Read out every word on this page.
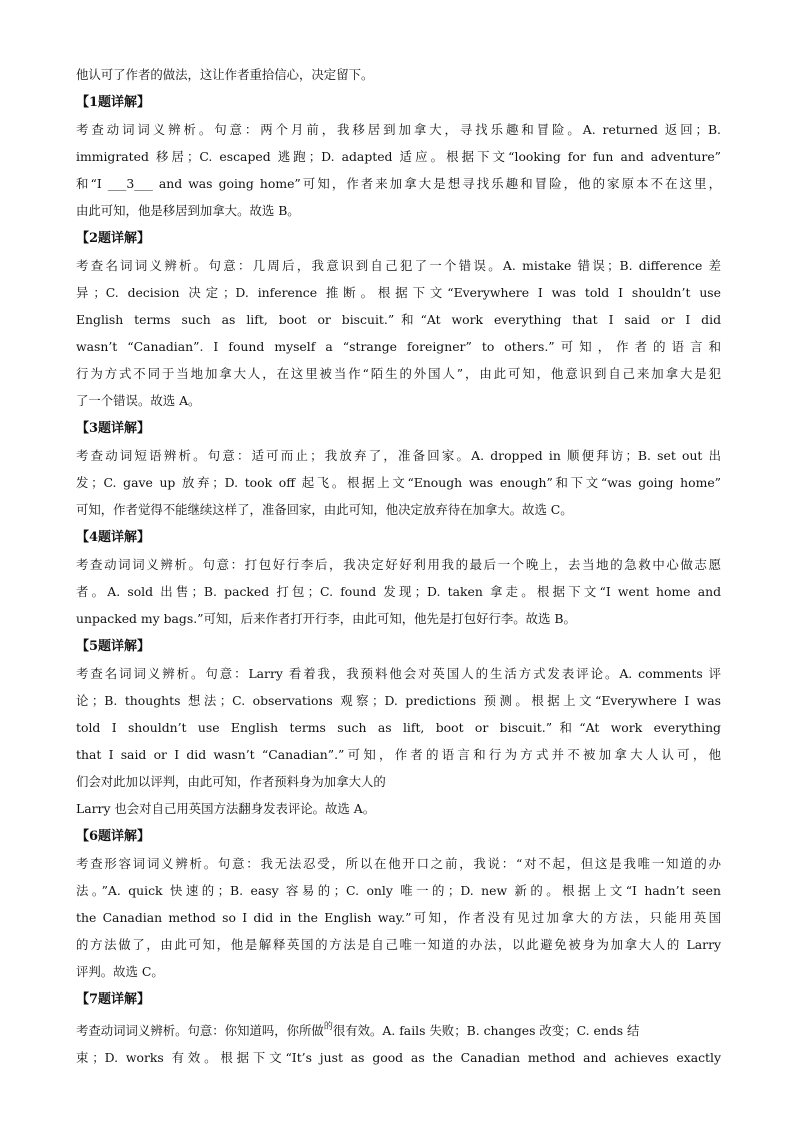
他认可了作者的做法，这让作者重拾信心，决定留下。
【1题详解】
考查动词词义辨析。句意：两个月前，我移居到加拿大，寻找乐趣和冒险。A. returned 返回；B.
immigrated 移居；C. escaped 逃跑；D. adapted 适应。根据下文“looking for fun and adventure”
和“I ___3___ and was going home”可知，作者来加拿大是想寻找乐趣和冒险，他的家原本不在这里，
由此可知，他是移居到加拿大。故选 B。
【2题详解】
考查名词词义辨析。句意：几周后，我意识到自己犯了一个错误。A. mistake 错误；B. difference 差
异；C. decision 决定；D. inference 推断。根据下文“Everywhere I was told I shouldn’t use
English terms such as lift, boot or biscuit.”和“At work everything that I said or I did
wasn’t “Canadian”. I found myself a “strange foreigner” to others.”可知，作者的语言和
行为方式不同于当地加拿大人，在这里被当作“陌生的外国人”，由此可知，他意识到自己来加拿大是犯
了一个错误。故选 A。
【3题详解】
考查动词短语辨析。句意：适可而止；我放弃了，准备回家。A. dropped in 顺便拜访；B. set out 出
发；C. gave up 放弃；D. took off 起飞。根据上文“Enough was enough”和下文“was going home”
可知，作者觉得不能继续这样了，准备回家，由此可知，他决定放弃待在加拿大。故选 C。
【4题详解】
考查动词词义辨析。句意：打包好行李后，我决定好好利用我的最后一个晚上，去当地的急救中心做志愿
者。A. sold 出售；B. packed 打包；C. found 发现；D. taken 拿走。根据下文“I went home and
unpacked my bags.”可知，后来作者打开行李，由此可知，他先是打包好行李。故选 B。
【5题详解】
考查名词词义辨析。句意：Larry 看着我，我预料他会对英国人的生活方式发表评论。A. comments 评
论；B. thoughts 想法；C. observations 观察；D. predictions 预测。根据上文“Everywhere I was
told I shouldn’t use English terms such as lift, boot or biscuit.”和“At work everything
that I said or I did wasn’t “Canadian”.”可知，作者的语言和行为方式并不被加拿大人认可，他
们会对此加以评判，由此可知，作者预料身为加拿大人的
Larry 也会对自己用英国方法翻身发表评论。故选 A。
【6题详解】
考查形容词词义辨析。句意：我无法忍受，所以在他开口之前，我说：“对不起，但这是我唯一知道的办
法。”A. quick 快速的；B. easy 容易的；C. only 唯一的；D. new 新的。根据上文“I hadn’t seen
the Canadian method so I did in the English way.”可知，作者没有见过加拿大的方法，只能用英国
的方法做了，由此可知，他是解释英国的方法是自己唯一知道的办法，以此避免被身为加拿大人的 Larry
评判。故选 C。
【7题详解】
考查动词词义辨析。句意：你知道吗，你所做$^的$很有效。A. fails 失败；B. changes 改变；C. ends 结
束；D. works 有效。根据下文“It’s just as good as the Canadian method and achieves exactly
